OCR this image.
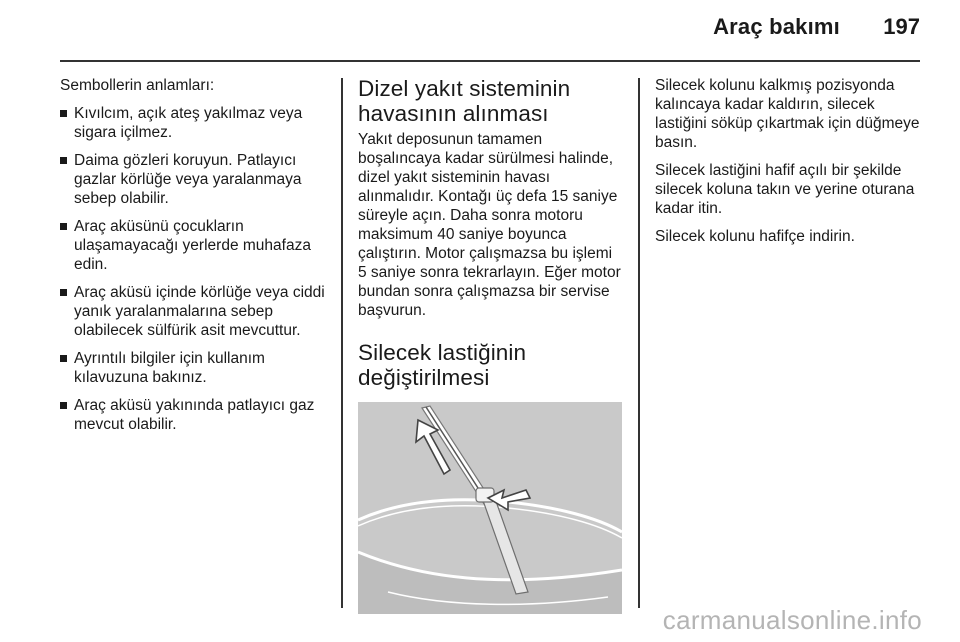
Araç bakımı 197

Sembollerin anlamları:

Kıvılcım, açık ateş yakılmaz veya sigara içilmez.
Daima gözleri koruyun. Patlayıcı gazlar körlüğe veya yaralanmaya sebep olabilir.
Araç aküsünü çocukların ulaşamayacağı yerlerde muhafaza edin.
Araç aküsü içinde körlüğe veya ciddi yanık yaralanmalarına sebep olabilecek sülfürik asit mevcuttur.
Ayrıntılı bilgiler için kullanım kılavuzuna bakınız.
Araç aküsü yakınında patlayıcı gaz mevcut olabilir.
Dizel yakıt sisteminin havasının alınması

Yakıt deposunun tamamen boşalıncaya kadar sürülmesi halinde, dizel yakıt sisteminin havası alınmalıdır. Kontağı üç defa 15 saniye süreyle açın. Daha sonra motoru maksimum 40 saniye boyunca çalıştırın. Motor çalışmazsa bu işlemi 5 saniye sonra tekrarlayın. Eğer motor bundan sonra çalışmazsa bir servise başvurun.

Silecek lastiğinin değiştirilmesi

Silecek kolunu kalkmış pozisyonda kalıncaya kadar kaldırın, silecek lastiğini söküp çıkartmak için düğmeye basın.

Silecek lastiğini hafif açılı bir şekilde silecek koluna takın ve yerine oturana kadar itin.

Silecek kolunu hafifçe indirin.

carmanualsonline.info
